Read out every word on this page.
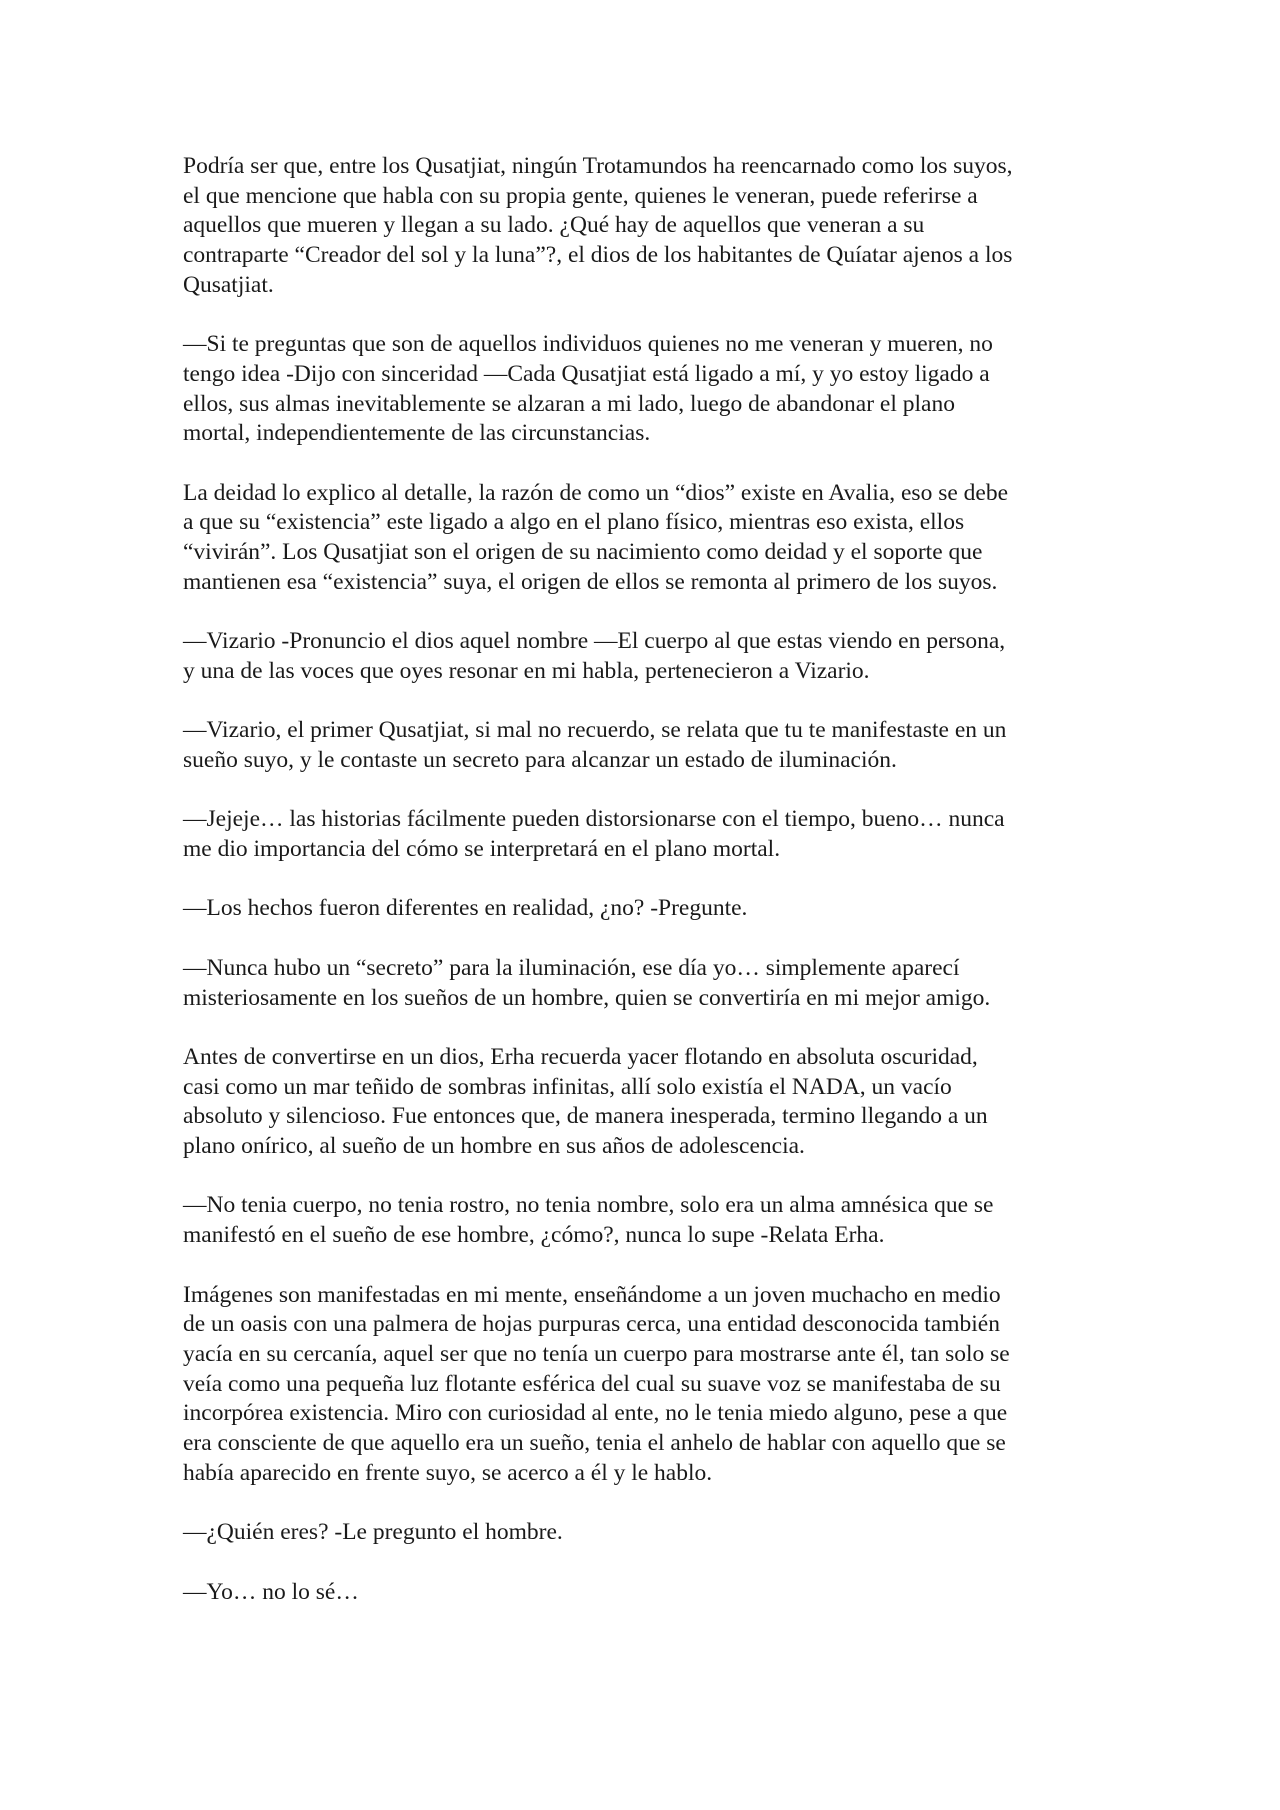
Podría ser que, entre los Qusatjiat, ningún Trotamundos ha reencarnado como los suyos,
el que mencione que habla con su propia gente, quienes le veneran, puede referirse a
aquellos que mueren y llegan a su lado. ¿Qué hay de aquellos que veneran a su
contraparte “Creador del sol y la luna”?, el dios de los habitantes de Quíatar ajenos a los
Qusatjiat.

—Si te preguntas que son de aquellos individuos quienes no me veneran y mueren, no
tengo idea -Dijo con sinceridad —Cada Qusatjiat está ligado a mí, y yo estoy ligado a
ellos, sus almas inevitablemente se alzaran a mi lado, luego de abandonar el plano
mortal, independientemente de las circunstancias.

La deidad lo explico al detalle, la razón de como un “dios” existe en Avalia, eso se debe
a que su “existencia” este ligado a algo en el plano físico, mientras eso exista, ellos
“vivirán”. Los Qusatjiat son el origen de su nacimiento como deidad y el soporte que
mantienen esa “existencia” suya, el origen de ellos se remonta al primero de los suyos.

—Vizario -Pronuncio el dios aquel nombre —El cuerpo al que estas viendo en persona,
y una de las voces que oyes resonar en mi habla, pertenecieron a Vizario.

—Vizario, el primer Qusatjiat, si mal no recuerdo, se relata que tu te manifestaste en un
sueño suyo, y le contaste un secreto para alcanzar un estado de iluminación.

—Jejeje… las historias fácilmente pueden distorsionarse con el tiempo, bueno… nunca
me dio importancia del cómo se interpretará en el plano mortal.

—Los hechos fueron diferentes en realidad, ¿no? -Pregunte.

—Nunca hubo un “secreto” para la iluminación, ese día yo… simplemente aparecí
misteriosamente en los sueños de un hombre, quien se convertiría en mi mejor amigo.

Antes de convertirse en un dios, Erha recuerda yacer flotando en absoluta oscuridad,
casi como un mar teñido de sombras infinitas, allí solo existía el NADA, un vacío
absoluto y silencioso. Fue entonces que, de manera inesperada, termino llegando a un
plano onírico, al sueño de un hombre en sus años de adolescencia.

—No tenia cuerpo, no tenia rostro, no tenia nombre, solo era un alma amnésica que se
manifestó en el sueño de ese hombre, ¿cómo?, nunca lo supe -Relata Erha.

Imágenes son manifestadas en mi mente, enseñándome a un joven muchacho en medio
de un oasis con una palmera de hojas purpuras cerca, una entidad desconocida también
yacía en su cercanía, aquel ser que no tenía un cuerpo para mostrarse ante él, tan solo se
veía como una pequeña luz flotante esférica del cual su suave voz se manifestaba de su
incorpórea existencia. Miro con curiosidad al ente, no le tenia miedo alguno, pese a que
era consciente de que aquello era un sueño, tenia el anhelo de hablar con aquello que se
había aparecido en frente suyo, se acerco a él y le hablo.

—¿Quién eres? -Le pregunto el hombre.

—Yo… no lo sé…
